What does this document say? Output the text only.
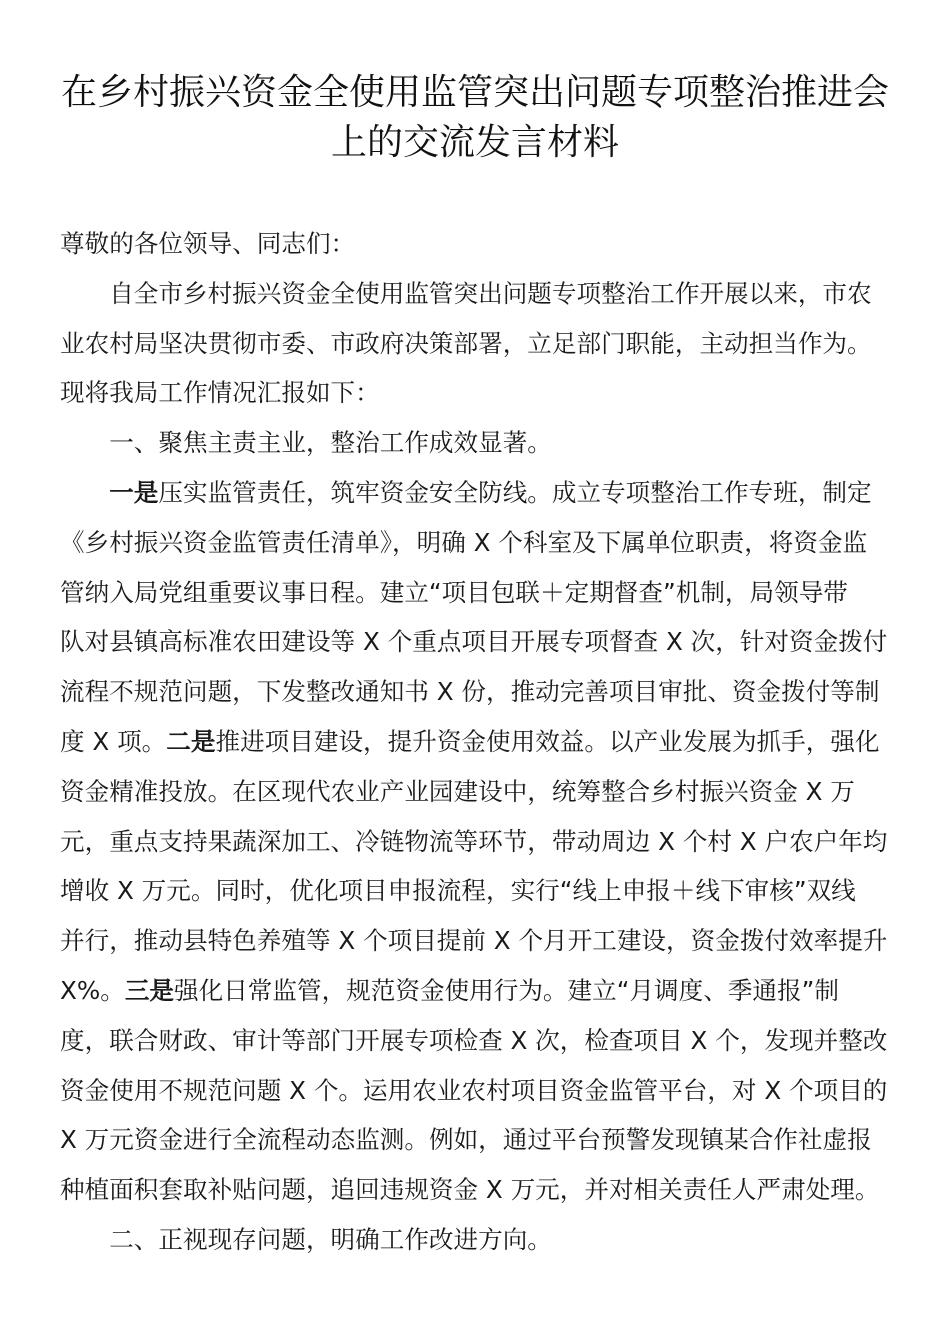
在乡村振兴资金全使用监管突出问题专项整治推进会
上的交流发言材料

尊敬的各位领导、同志们：

自全市乡村振兴资金全使用监管突出问题专项整治工作开展以来，市农
业农村局坚决贯彻市委、市政府决策部署，立足部门职能，主动担当作为。
现将我局工作情况汇报如下：

一、聚焦主责主业，整治工作成效显著。

一是压实监管责任，筑牢资金安全防线。成立专项整治工作专班，制定
《乡村振兴资金监管责任清单》，明确 X 个科室及下属单位职责，将资金监
管纳入局党组重要议事日程。建立“项目包联＋定期督查”机制，局领导带
队对县镇高标准农田建设等 X 个重点项目开展专项督查 X 次，针对资金拨付
流程不规范问题，下发整改通知书 X 份，推动完善项目审批、资金拨付等制
度 X 项。二是推进项目建设，提升资金使用效益。以产业发展为抓手，强化
资金精准投放。在区现代农业产业园建设中，统筹整合乡村振兴资金 X 万
元，重点支持果蔬深加工、冷链物流等环节，带动周边 X 个村 X 户农户年均
增收 X 万元。同时，优化项目申报流程，实行“线上申报＋线下审核”双线
并行，推动县特色养殖等 X 个项目提前 X 个月开工建设，资金拨付效率提升
X%。三是强化日常监管，规范资金使用行为。建立“月调度、季通报”制
度，联合财政、审计等部门开展专项检查 X 次，检查项目 X 个，发现并整改
资金使用不规范问题 X 个。运用农业农村项目资金监管平台，对 X 个项目的
X 万元资金进行全流程动态监测。例如，通过平台预警发现镇某合作社虚报
种植面积套取补贴问题，追回违规资金 X 万元，并对相关责任人严肃处理。

二、正视现存问题，明确工作改进方向。
